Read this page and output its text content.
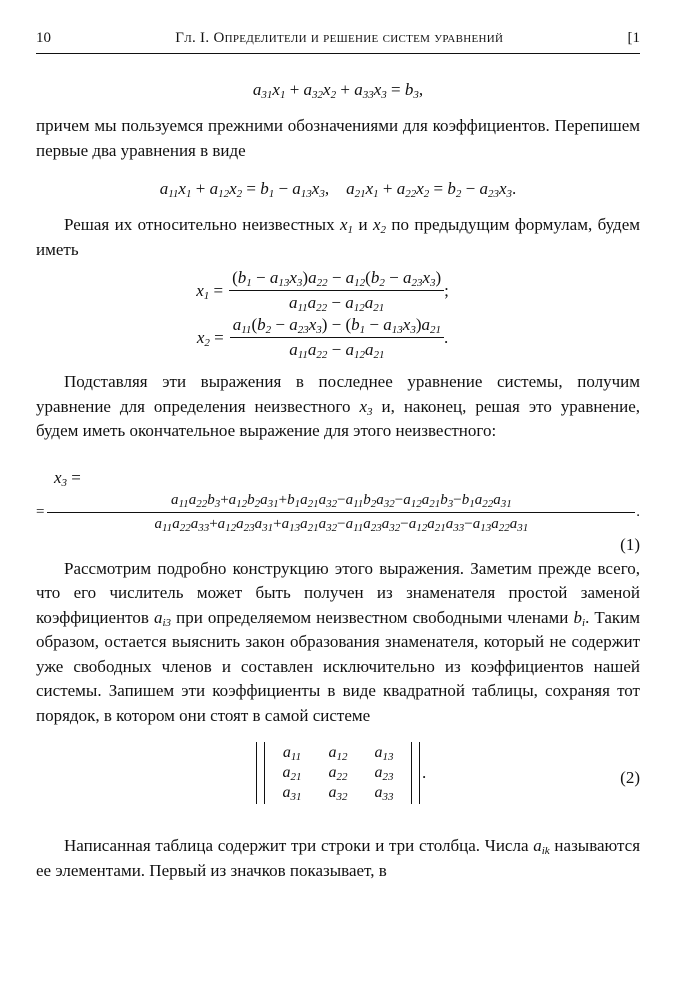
10	Гл. I. Определители и решение систем уравнений	[1
$a_{31}x_1 + a_{32}x_2 + a_{33}x_3 = b_3$,

причем мы пользуемся прежними обозначениями для коэффициентов. Перепишем первые два уравнения в виде

$a_{11}x_1 + a_{12}x_2 = b_1 - a_{13}x_3$,    $a_{21}x_1 + a_{22}x_2 = b_2 - a_{23}x_3$.

Решая их относительно неизвестных $x_1$ и $x_2$ по предыдущим формулам, будем иметь

$x_1 = \frac{(b_1 - a_{13}x_3)a_{22} - a_{12}(b_2 - a_{23}x_3)}{a_{11}a_{22} - a_{12}a_{21}}$ ;
$x_2 = \frac{a_{11}(b_2 - a_{23}x_3) - (b_1 - a_{13}x_3)a_{21}}{a_{11}a_{22} - a_{12}a_{21}}$ .

Подставляя эти выражения в последнее уравнение системы, получим уравнение для определения неизвестного $x_3$ и, наконец, решая это уравнение, будем иметь окончательное выражение для этого неизвестного:

$x_3$ =
= $\frac{a_{11}a_{22}b_3+a_{12}b_2a_{31}+b_1a_{21}a_{32}-a_{11}b_2a_{32}-a_{12}a_{21}b_3-b_1a_{22}a_{31}}{a_{11}a_{22}a_{33}+a_{12}a_{23}a_{31}+a_{13}a_{21}a_{32}-a_{11}a_{23}a_{32}-a_{12}a_{21}a_{33}-a_{13}a_{22}a_{31}}$ .
(1)

Рассмотрим подробно конструкцию этого выражения. Заметим прежде всего, что его числитель может быть получен из знаменателя простой заменой коэффициентов $a_{i3}$ при определяемом неизвестном свободными членами $b_i$. Таким образом, остается выяснить закон образования знаменателя, который не содержит уже свободных членов и составлен исключительно из коэффициентов нашей системы. Запишем эти коэффициенты в виде квадратной таблицы, сохраняя тот порядок, в котором они стоят в самой системе

$a_{11}$	$a_{12}$	$a_{13}$
$a_{21}$	$a_{22}$	$a_{23}$
$a_{31}$	$a_{32}$	$a_{33}$
.	(2)

Написанная таблица содержит три строки и три столбца. Числа $a_{ik}$ называются ее элементами. Первый из значков показывает, в
